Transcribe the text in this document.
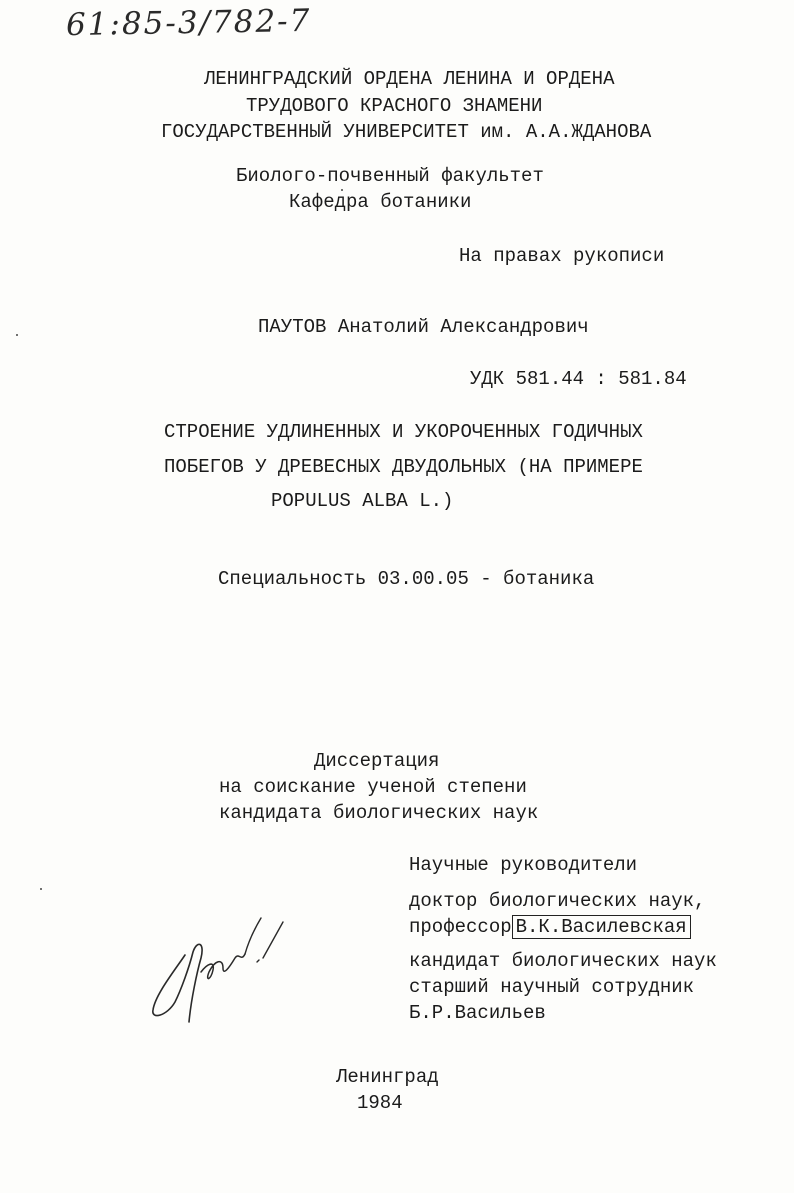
61:85-3/782-7
ЛЕНИНГРАДСКИЙ ОРДЕНА ЛЕНИНА И ОРДЕНА
ТРУДОВОГО КРАСНОГО ЗНАМЕНИ
ГОСУДАРСТВЕННЫЙ УНИВЕРСИТЕТ им. А.А.ЖДАНОВА
Биолого-почвенный факультет
Кафедра ботаники
На правах рукописи
ПАУТОВ Анатолий Александрович
УДК 581.44 : 581.84
СТРОЕНИЕ УДЛИНЕННЫХ И УКОРОЧЕННЫХ ГОДИЧНЫХ
ПОБЕГОВ У ДРЕВЕСНЫХ ДВУДОЛЬНЫХ (НА ПРИМЕРЕ
POPULUS ALBA L.)
Специальность 03.00.05 - ботаника
Диссертация
на соискание ученой степени
кандидата биологических наук
Научные руководители
доктор биологических наук,
профессор В.К.Василевская
кандидат биологических наук
старший научный сотрудник
Б.Р.Васильев
Ленинград
1984
